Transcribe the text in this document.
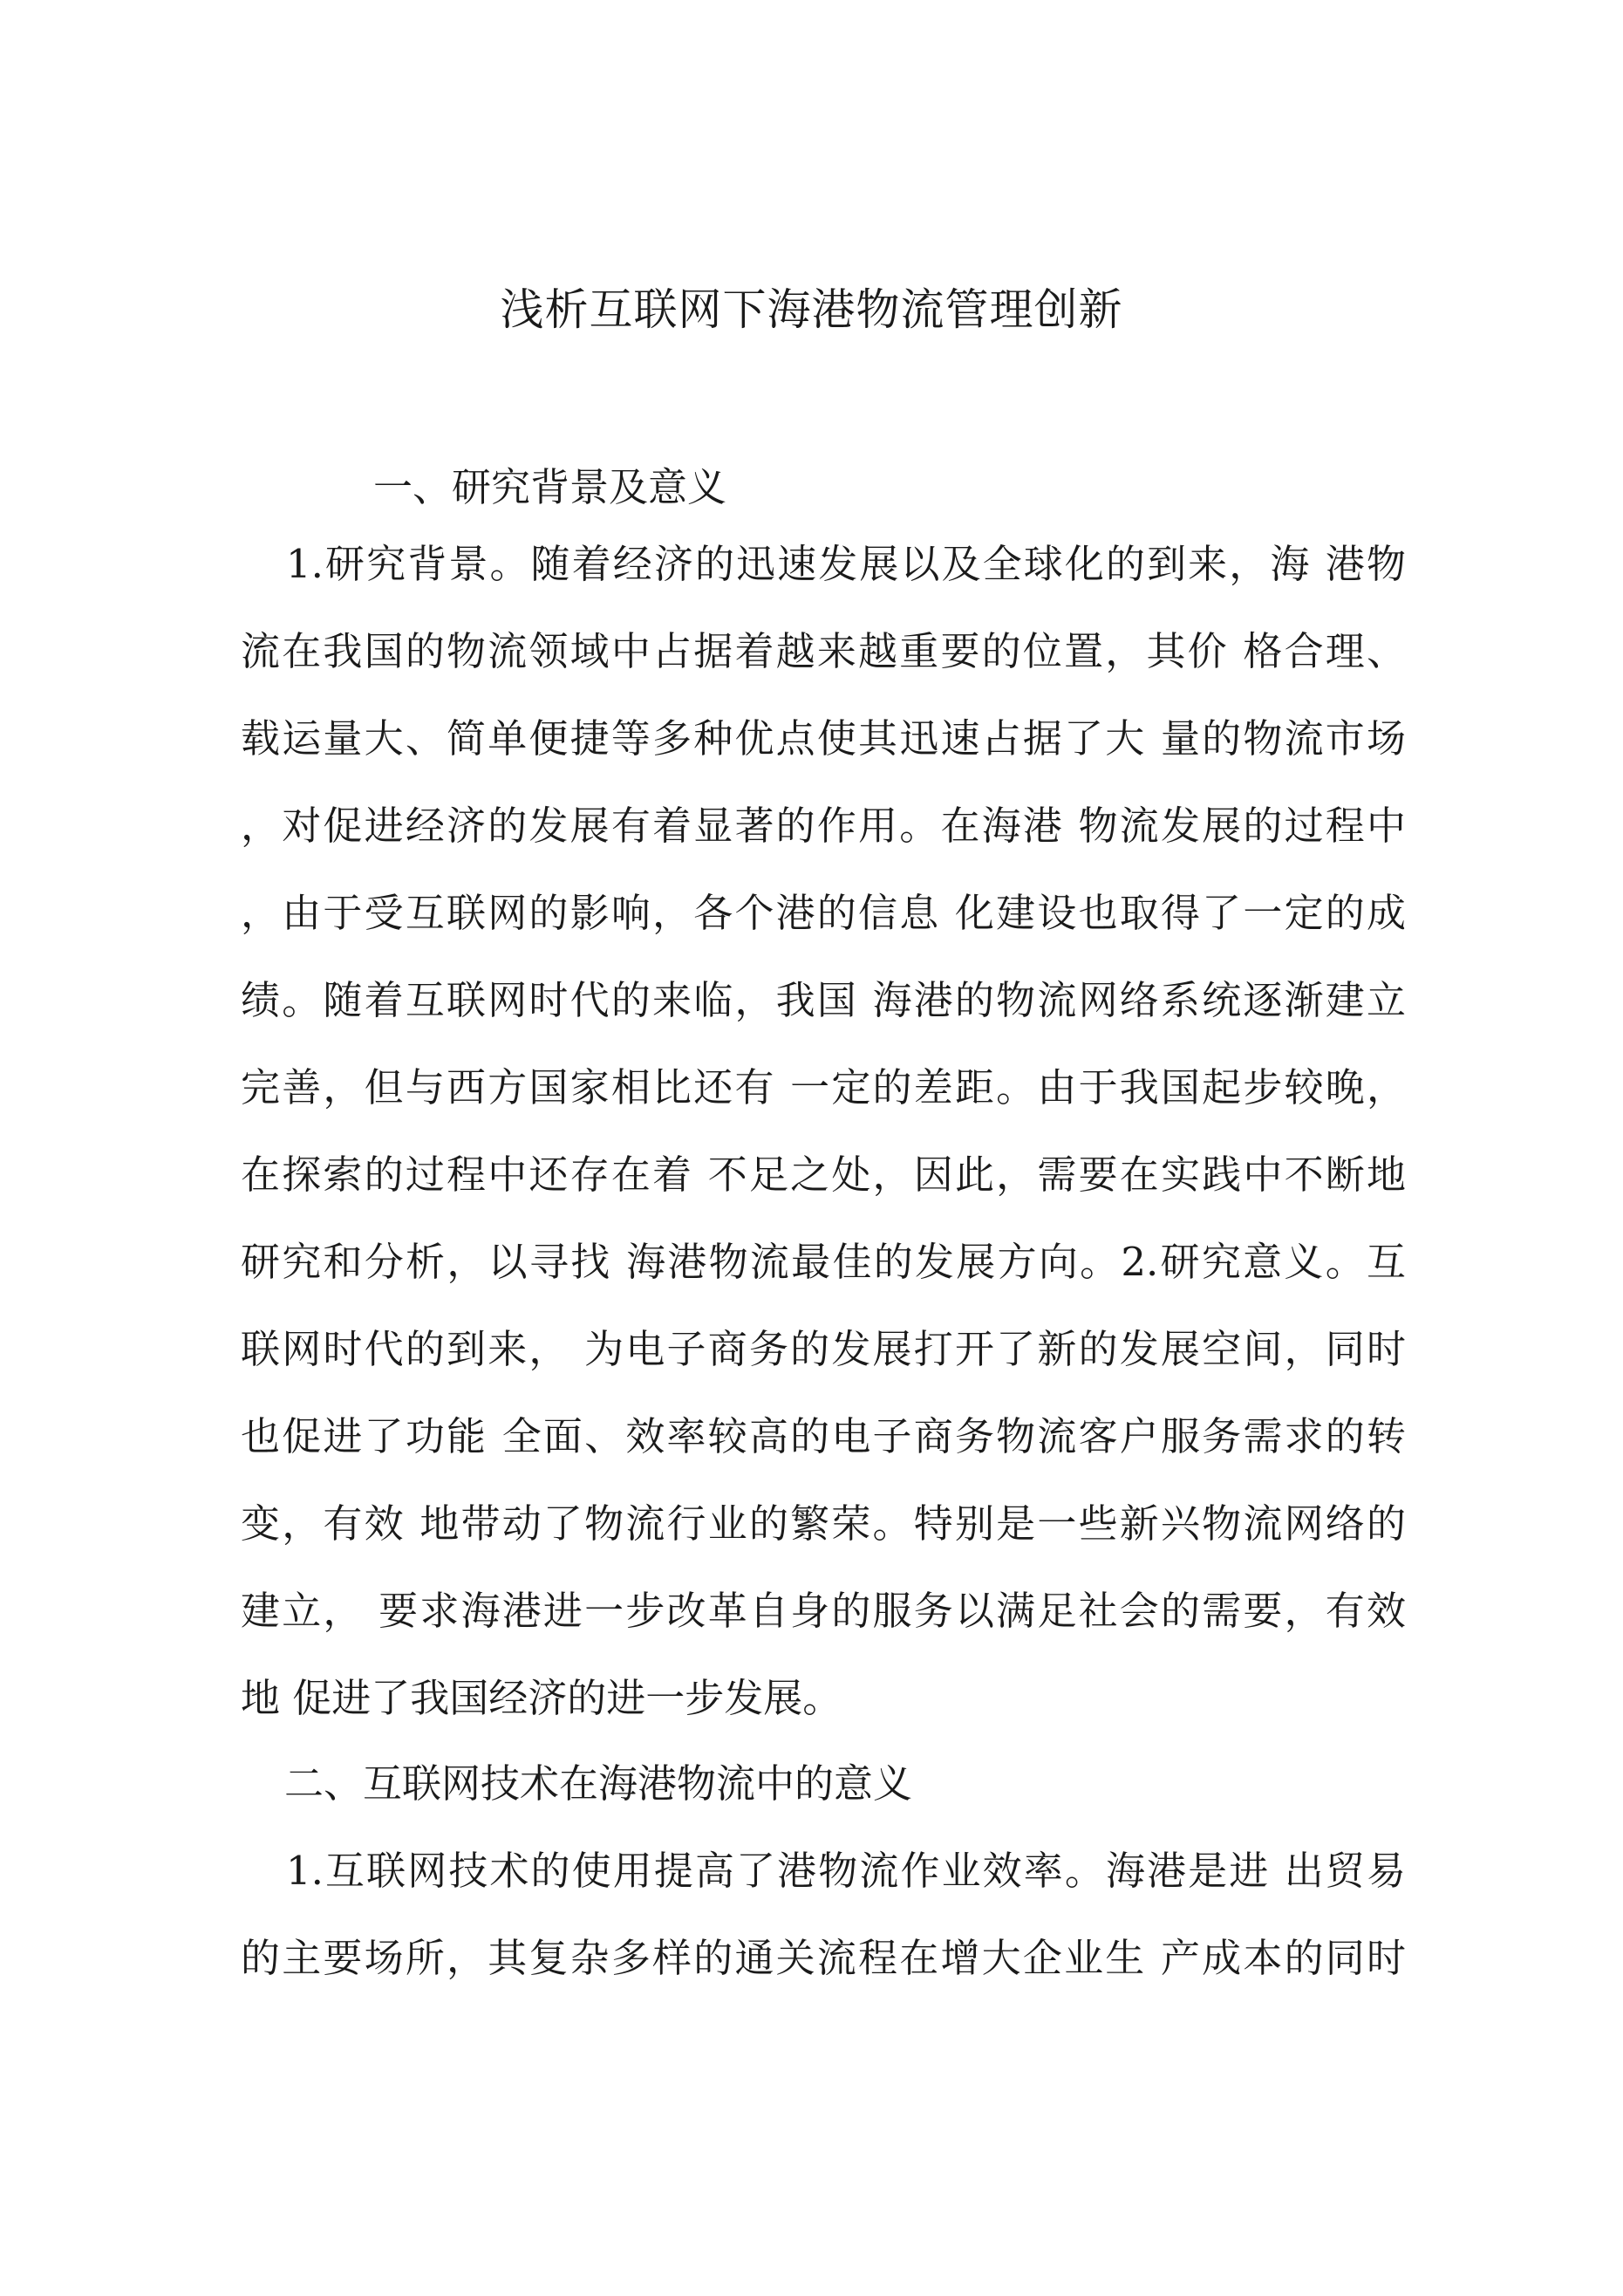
浅析互联网下海港物流管理创新
一、研究背景及意义
1.研究背景。随着经济的迅速发展以及全球化的到来，海 港物
流在我国的物流领域中占据着越来越重要的位置，其价 格合理、
载运量大、简单便捷等多种优点使其迅速占据了大 量的物流市场
，对促进经济的发展有着显著的作用。在海港 物流发展的过程中
，由于受互联网的影响，各个港的信息 化建设也取得了一定的成
绩。随着互联网时代的来临，我国 海港的物流网络系统逐渐建立
完善，但与西方国家相比还有 一定的差距。由于我国起步较晚，
在探索的过程中还存在着 不足之处，因此，需要在实践中不断地
研究和分析，以寻找 海港物流最佳的发展方向。2.研究意义。互
联网时代的到来， 为电子商务的发展打开了新的发展空间，同时
也促进了功能 全面、效率较高的电子商务物流客户服务需求的转
变，有效 地带动了物流行业的繁荣。特别是一些新兴物流网络的
建立， 要求海港进一步改革自身的服务以满足社会的需要，有效
地 促进了我国经济的进一步发展。
二、互联网技术在海港物流中的意义
1.互联网技术的使用提高了港物流作业效率。海港是进 出贸易
的主要场所，其复杂多样的通关流程在增大企业生 产成本的同时
